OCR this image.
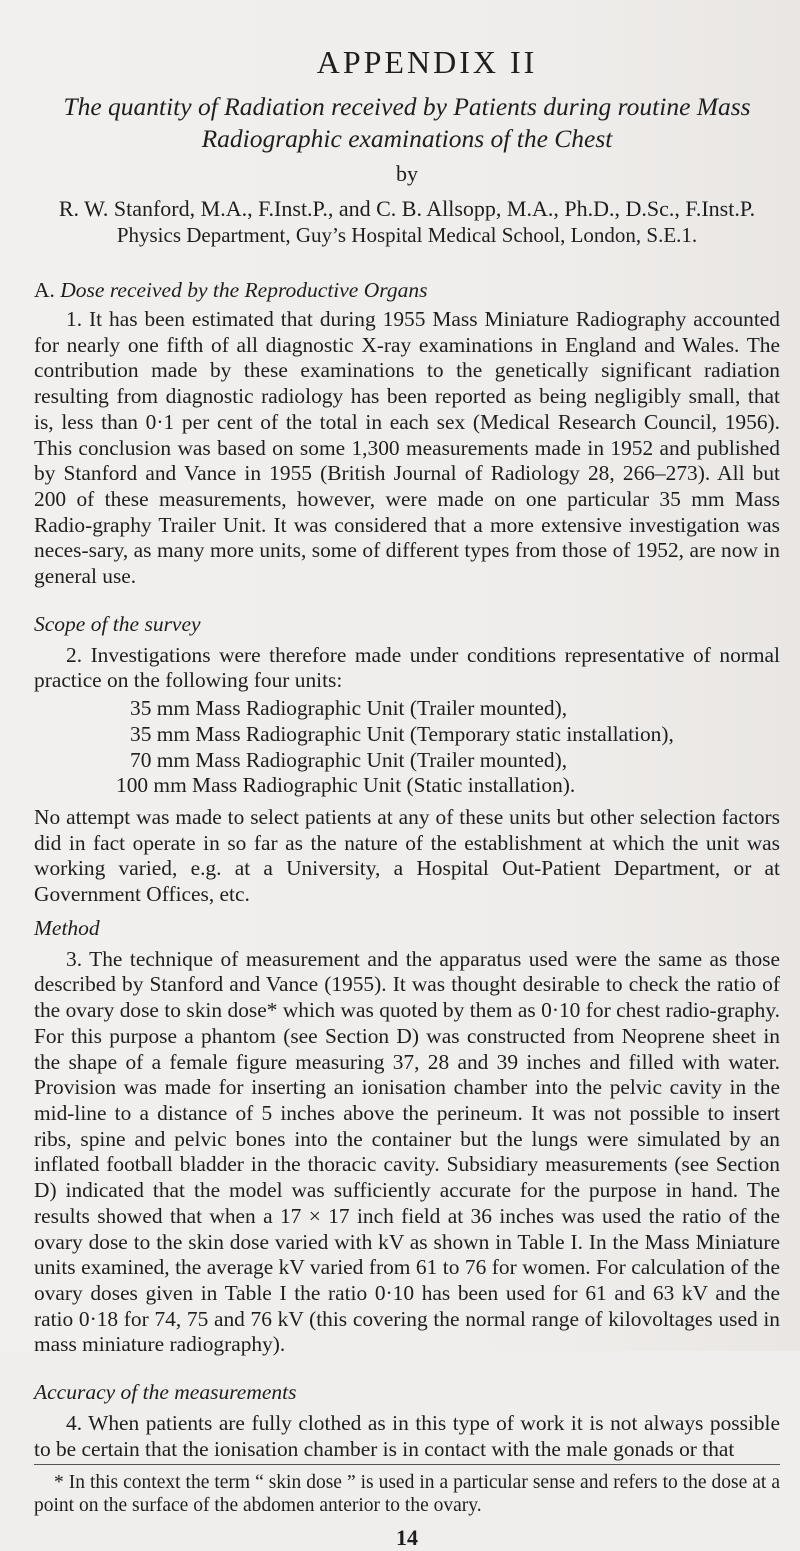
APPENDIX II

The quantity of Radiation received by Patients during routine Mass Radiographic examinations of the Chest

by

R. W. Stanford, M.A., F.Inst.P., and C. B. Allsopp, M.A., Ph.D., D.Sc., F.Inst.P.

Physics Department, Guy’s Hospital Medical School, London, S.E.1.

A. Dose received by the Reproductive Organs

1. It has been estimated that during 1955 Mass Miniature Radiography accounted for nearly one fifth of all diagnostic X-ray examinations in England and Wales. The contribution made by these examinations to the genetically significant radiation resulting from diagnostic radiology has been reported as being negligibly small, that is, less than 0·1 per cent of the total in each sex (Medical Research Council, 1956). This conclusion was based on some 1,300 measurements made in 1952 and published by Stanford and Vance in 1955 (British Journal of Radiology 28, 266–273). All but 200 of these measurements, however, were made on one particular 35 mm Mass Radio-graphy Trailer Unit. It was considered that a more extensive investigation was neces-sary, as many more units, some of different types from those of 1952, are now in general use.

Scope of the survey

2. Investigations were therefore made under conditions representative of normal practice on the following four units:

35 mm Mass Radiographic Unit (Trailer mounted),
35 mm Mass Radiographic Unit (Temporary static installation),
70 mm Mass Radiographic Unit (Trailer mounted),
100 mm Mass Radiographic Unit (Static installation).

No attempt was made to select patients at any of these units but other selection factors did in fact operate in so far as the nature of the establishment at which the unit was working varied, e.g. at a University, a Hospital Out-Patient Department, or at Government Offices, etc.

Method

3. The technique of measurement and the apparatus used were the same as those described by Stanford and Vance (1955). It was thought desirable to check the ratio of the ovary dose to skin dose* which was quoted by them as 0·10 for chest radio-graphy. For this purpose a phantom (see Section D) was constructed from Neoprene sheet in the shape of a female figure measuring 37, 28 and 39 inches and filled with water. Provision was made for inserting an ionisation chamber into the pelvic cavity in the mid-line to a distance of 5 inches above the perineum. It was not possible to insert ribs, spine and pelvic bones into the container but the lungs were simulated by an inflated football bladder in the thoracic cavity. Subsidiary measurements (see Section D) indicated that the model was sufficiently accurate for the purpose in hand. The results showed that when a 17 × 17 inch field at 36 inches was used the ratio of the ovary dose to the skin dose varied with kV as shown in Table I. In the Mass Miniature units examined, the average kV varied from 61 to 76 for women. For calculation of the ovary doses given in Table I the ratio 0·10 has been used for 61 and 63 kV and the ratio 0·18 for 74, 75 and 76 kV (this covering the normal range of kilovoltages used in mass miniature radiography).

Accuracy of the measurements

4. When patients are fully clothed as in this type of work it is not always possible to be certain that the ionisation chamber is in contact with the male gonads or that

* In this context the term “ skin dose ” is used in a particular sense and refers to the dose at a point on the surface of the abdomen anterior to the ovary.

14
